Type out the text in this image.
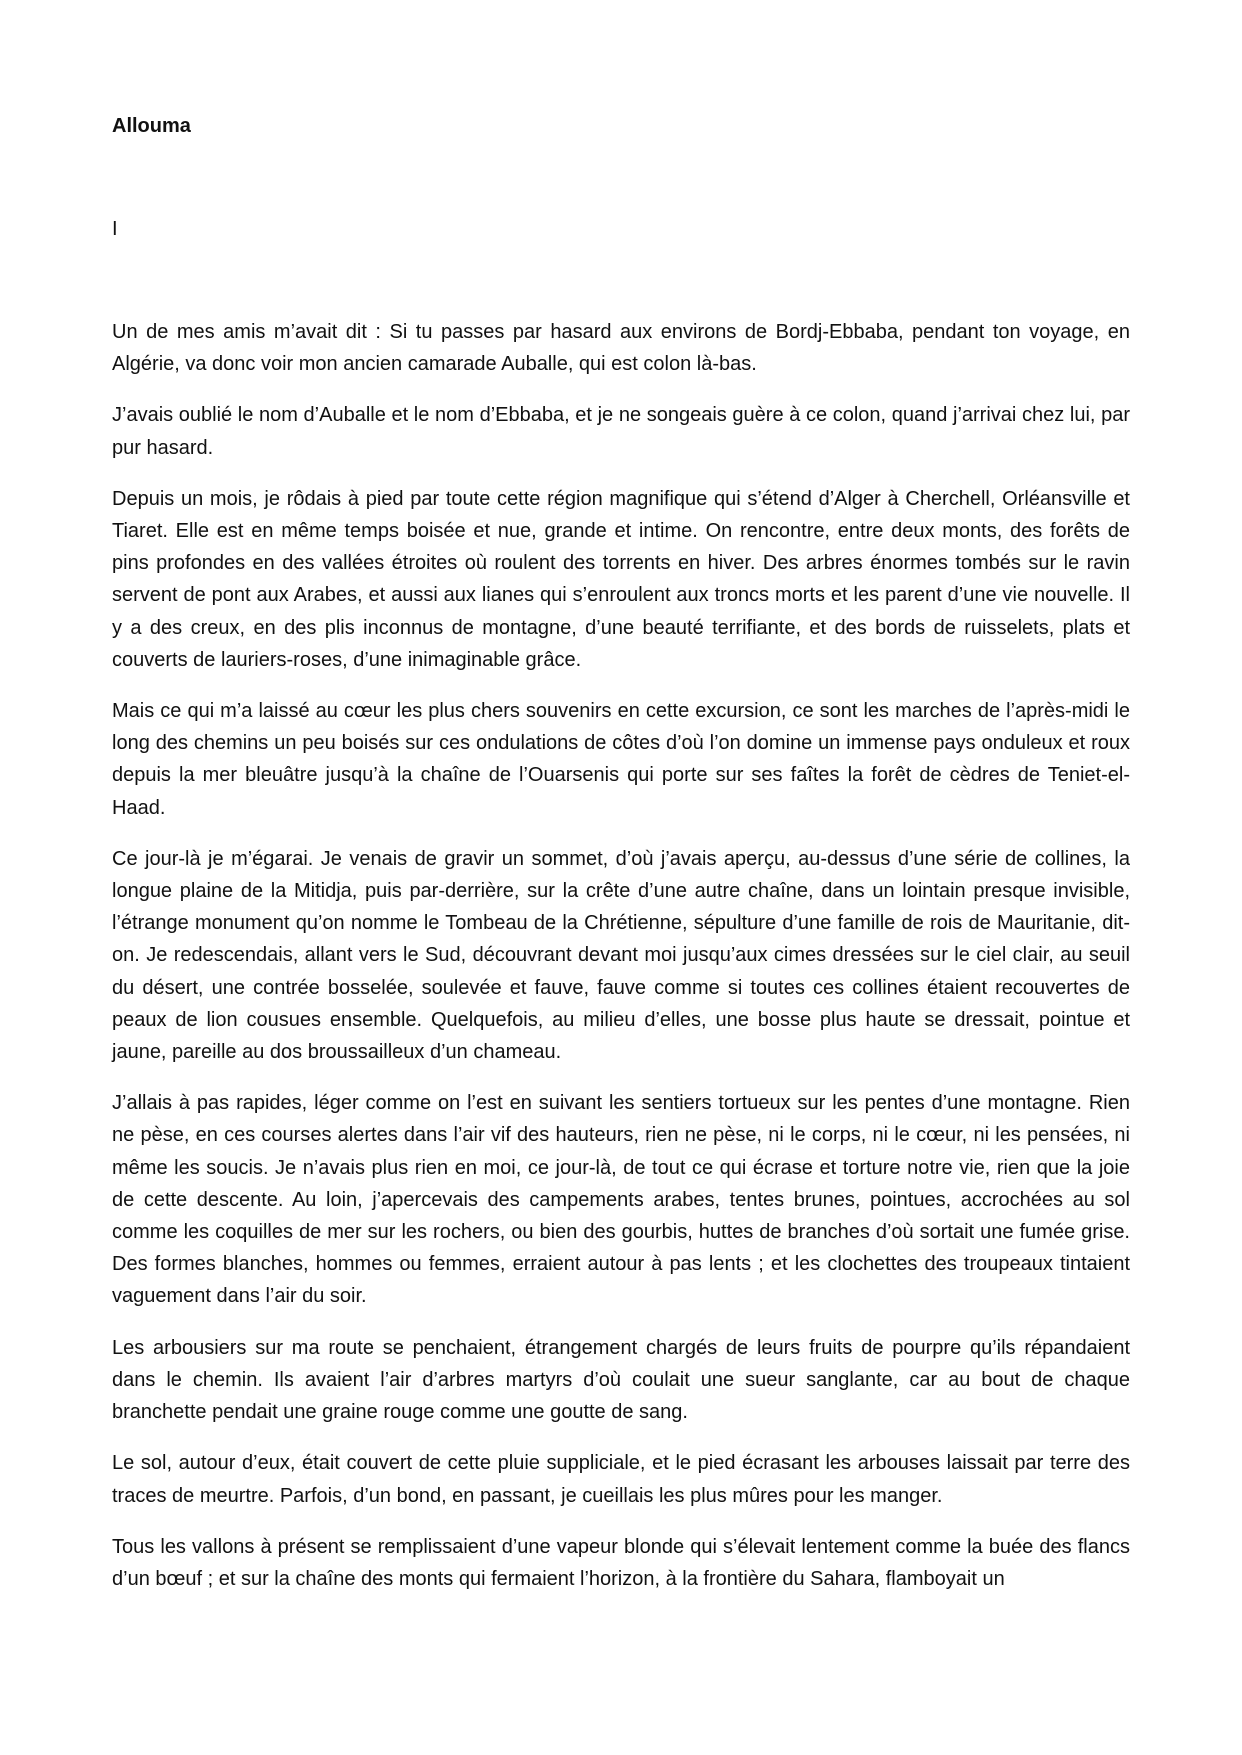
Allouma
I

Un de mes amis m’avait dit : Si tu passes par hasard aux environs de Bordj-Ebbaba, pendant ton voyage, en Algérie, va donc voir mon ancien camarade Auballe, qui est colon là-bas.

J’avais oublié le nom d’Auballe et le nom d’Ebbaba, et je ne songeais guère à ce colon, quand j’arrivai chez lui, par pur hasard.

Depuis un mois, je rôdais à pied par toute cette région magnifique qui s’étend d’Alger à Cherchell, Orléansville et Tiaret. Elle est en même temps boisée et nue, grande et intime. On rencontre, entre deux monts, des forêts de pins profondes en des vallées étroites où roulent des torrents en hiver. Des arbres énormes tombés sur le ravin servent de pont aux Arabes, et aussi aux lianes qui s’enroulent aux troncs morts et les parent d’une vie nouvelle. Il y a des creux, en des plis inconnus de montagne, d’une beauté terrifiante, et des bords de ruisselets, plats et couverts de lauriers-roses, d’une inimaginable grâce.

Mais ce qui m’a laissé au cœur les plus chers souvenirs en cette excursion, ce sont les marches de l’après-midi le long des chemins un peu boisés sur ces ondulations de côtes d’où l’on domine un immense pays onduleux et roux depuis la mer bleuâtre jusqu’à la chaîne de l’Ouarsenis qui porte sur ses faîtes la forêt de cèdres de Teniet-el-Haad.

Ce jour-là je m’égarai. Je venais de gravir un sommet, d’où j’avais aperçu, au-dessus d’une série de collines, la longue plaine de la Mitidja, puis par-derrière, sur la crête d’une autre chaîne, dans un lointain presque invisible, l’étrange monument qu’on nomme le Tombeau de la Chrétienne, sépulture d’une famille de rois de Mauritanie, dit-on. Je redescendais, allant vers le Sud, découvrant devant moi jusqu’aux cimes dressées sur le ciel clair, au seuil du désert, une contrée bosselée, soulevée et fauve, fauve comme si toutes ces collines étaient recouvertes de peaux de lion cousues ensemble. Quelquefois, au milieu d’elles, une bosse plus haute se dressait, pointue et jaune, pareille au dos broussailleux d’un chameau.

J’allais à pas rapides, léger comme on l’est en suivant les sentiers tortueux sur les pentes d’une montagne. Rien ne pèse, en ces courses alertes dans l’air vif des hauteurs, rien ne pèse, ni le corps, ni le cœur, ni les pensées, ni même les soucis. Je n’avais plus rien en moi, ce jour-là, de tout ce qui écrase et torture notre vie, rien que la joie de cette descente. Au loin, j’apercevais des campements arabes, tentes brunes, pointues, accrochées au sol comme les coquilles de mer sur les rochers, ou bien des gourbis, huttes de branches d’où sortait une fumée grise. Des formes blanches, hommes ou femmes, erraient autour à pas lents ; et les clochettes des troupeaux tintaient vaguement dans l’air du soir.

Les arbousiers sur ma route se penchaient, étrangement chargés de leurs fruits de pourpre qu’ils répandaient dans le chemin. Ils avaient l’air d’arbres martyrs d’où coulait une sueur sanglante, car au bout de chaque branchette pendait une graine rouge comme une goutte de sang.

Le sol, autour d’eux, était couvert de cette pluie suppliciale, et le pied écrasant les arbouses laissait par terre des traces de meurtre. Parfois, d’un bond, en passant, je cueillais les plus mûres pour les manger.

Tous les vallons à présent se remplissaient d’une vapeur blonde qui s’élevait lentement comme la buée des flancs d’un bœuf ; et sur la chaîne des monts qui fermaient l’horizon, à la frontière du Sahara, flamboyait un
